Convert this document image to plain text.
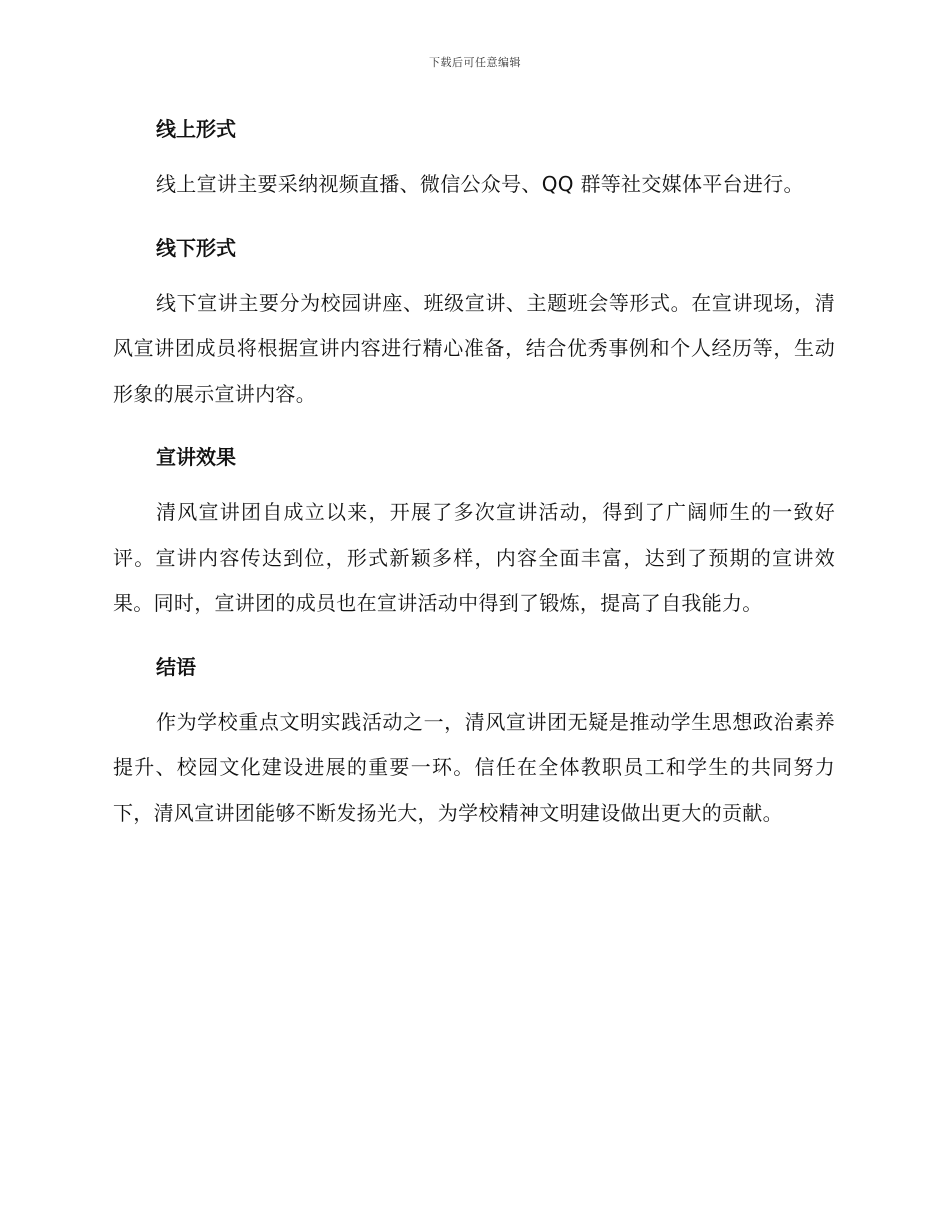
下载后可任意编辑
线上形式

线上宣讲主要采纳视频直播、微信公众号、QQ 群等社交媒体平台进行。

线下形式

线下宣讲主要分为校园讲座、班级宣讲、主题班会等形式。在宣讲现场，清风宣讲团成员将根据宣讲内容进行精心准备，结合优秀事例和个人经历等，生动形象的展示宣讲内容。

宣讲效果

清风宣讲团自成立以来，开展了多次宣讲活动，得到了广阔师生的一致好评。宣讲内容传达到位，形式新颖多样，内容全面丰富，达到了预期的宣讲效果。同时，宣讲团的成员也在宣讲活动中得到了锻炼，提高了自我能力。

结语

作为学校重点文明实践活动之一，清风宣讲团无疑是推动学生思想政治素养提升、校园文化建设进展的重要一环。信任在全体教职员工和学生的共同努力下，清风宣讲团能够不断发扬光大，为学校精神文明建设做出更大的贡献。
